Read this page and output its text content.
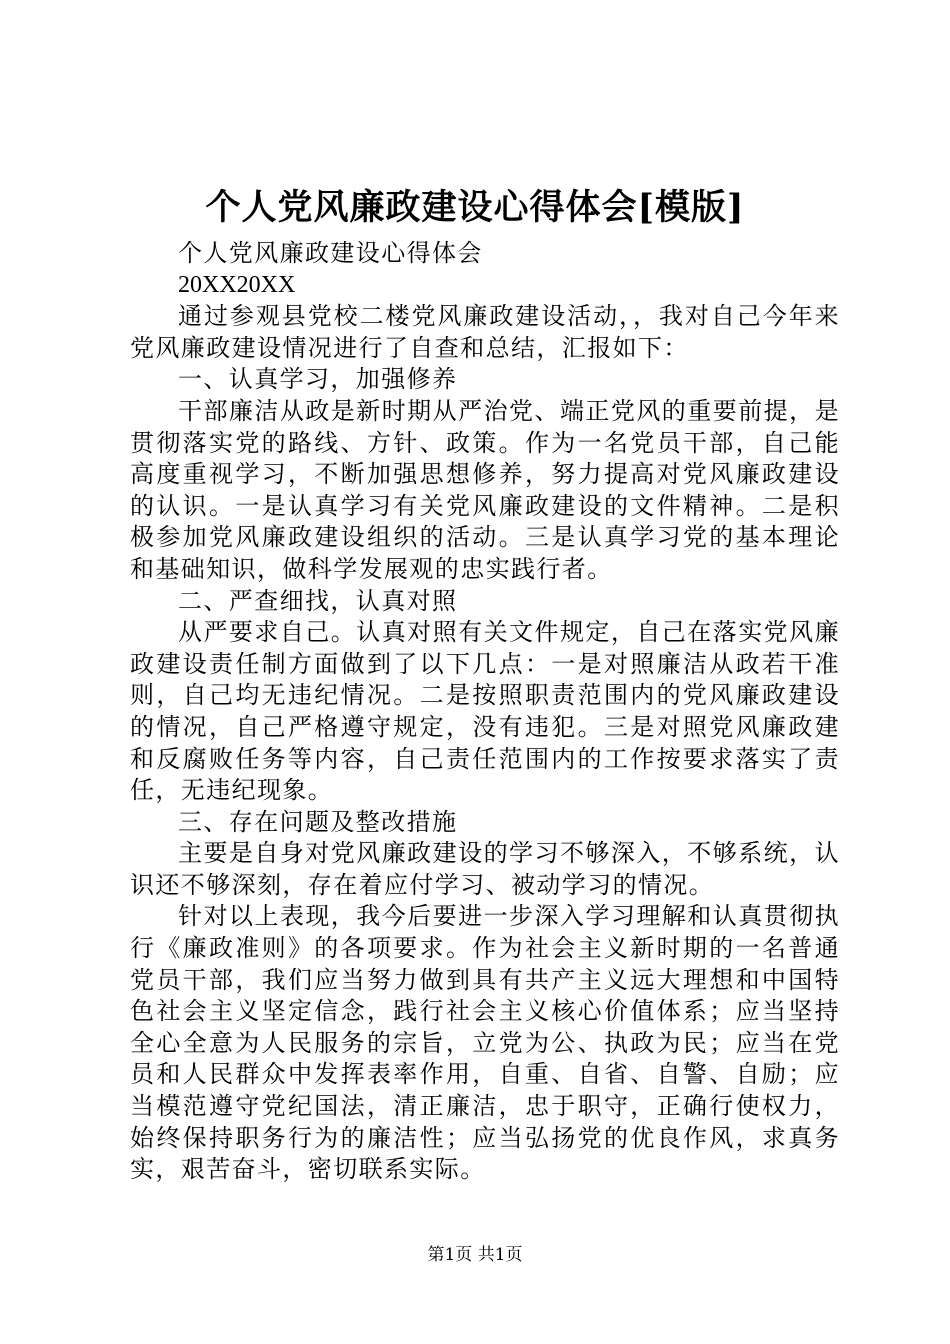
个人党风廉政建设心得体会[模版]

个人党风廉政建设心得体会

20XX20XX

通过参观县党校二楼党风廉政建设活动，，我对自己今年来党风廉政建设情况进行了自查和总结，汇报如下：

一、认真学习，加强修养

干部廉洁从政是新时期从严治党、端正党风的重要前提，是贯彻落实党的路线、方针、政策。作为一名党员干部，自己能高度重视学习，不断加强思想修养，努力提高对党风廉政建设的认识。一是认真学习有关党风廉政建设的文件精神。二是积极参加党风廉政建设组织的活动。三是认真学习党的基本理论和基础知识，做科学发展观的忠实践行者。

二、严查细找，认真对照

从严要求自己。认真对照有关文件规定，自己在落实党风廉政建设责任制方面做到了以下几点：一是对照廉洁从政若干准则，自己均无违纪情况。二是按照职责范围内的党风廉政建设的情况，自己严格遵守规定，没有违犯。三是对照党风廉政建和反腐败任务等内容，自己责任范围内的工作按要求落实了责任，无违纪现象。

三、存在问题及整改措施

主要是自身对党风廉政建设的学习不够深入，不够系统，认识还不够深刻，存在着应付学习、被动学习的情况。

针对以上表现，我今后要进一步深入学习理解和认真贯彻执行《廉政准则》的各项要求。作为社会主义新时期的一名普通党员干部，我们应当努力做到具有共产主义远大理想和中国特色社会主义坚定信念，践行社会主义核心价值体系；应当坚持全心全意为人民服务的宗旨，立党为公、执政为民；应当在党员和人民群众中发挥表率作用，自重、自省、自警、自励；应当模范遵守党纪国法，清正廉洁，忠于职守，正确行使权力，始终保持职务行为的廉洁性；应当弘扬党的优良作风，求真务实，艰苦奋斗，密切联系实际。

第1页 共1页
